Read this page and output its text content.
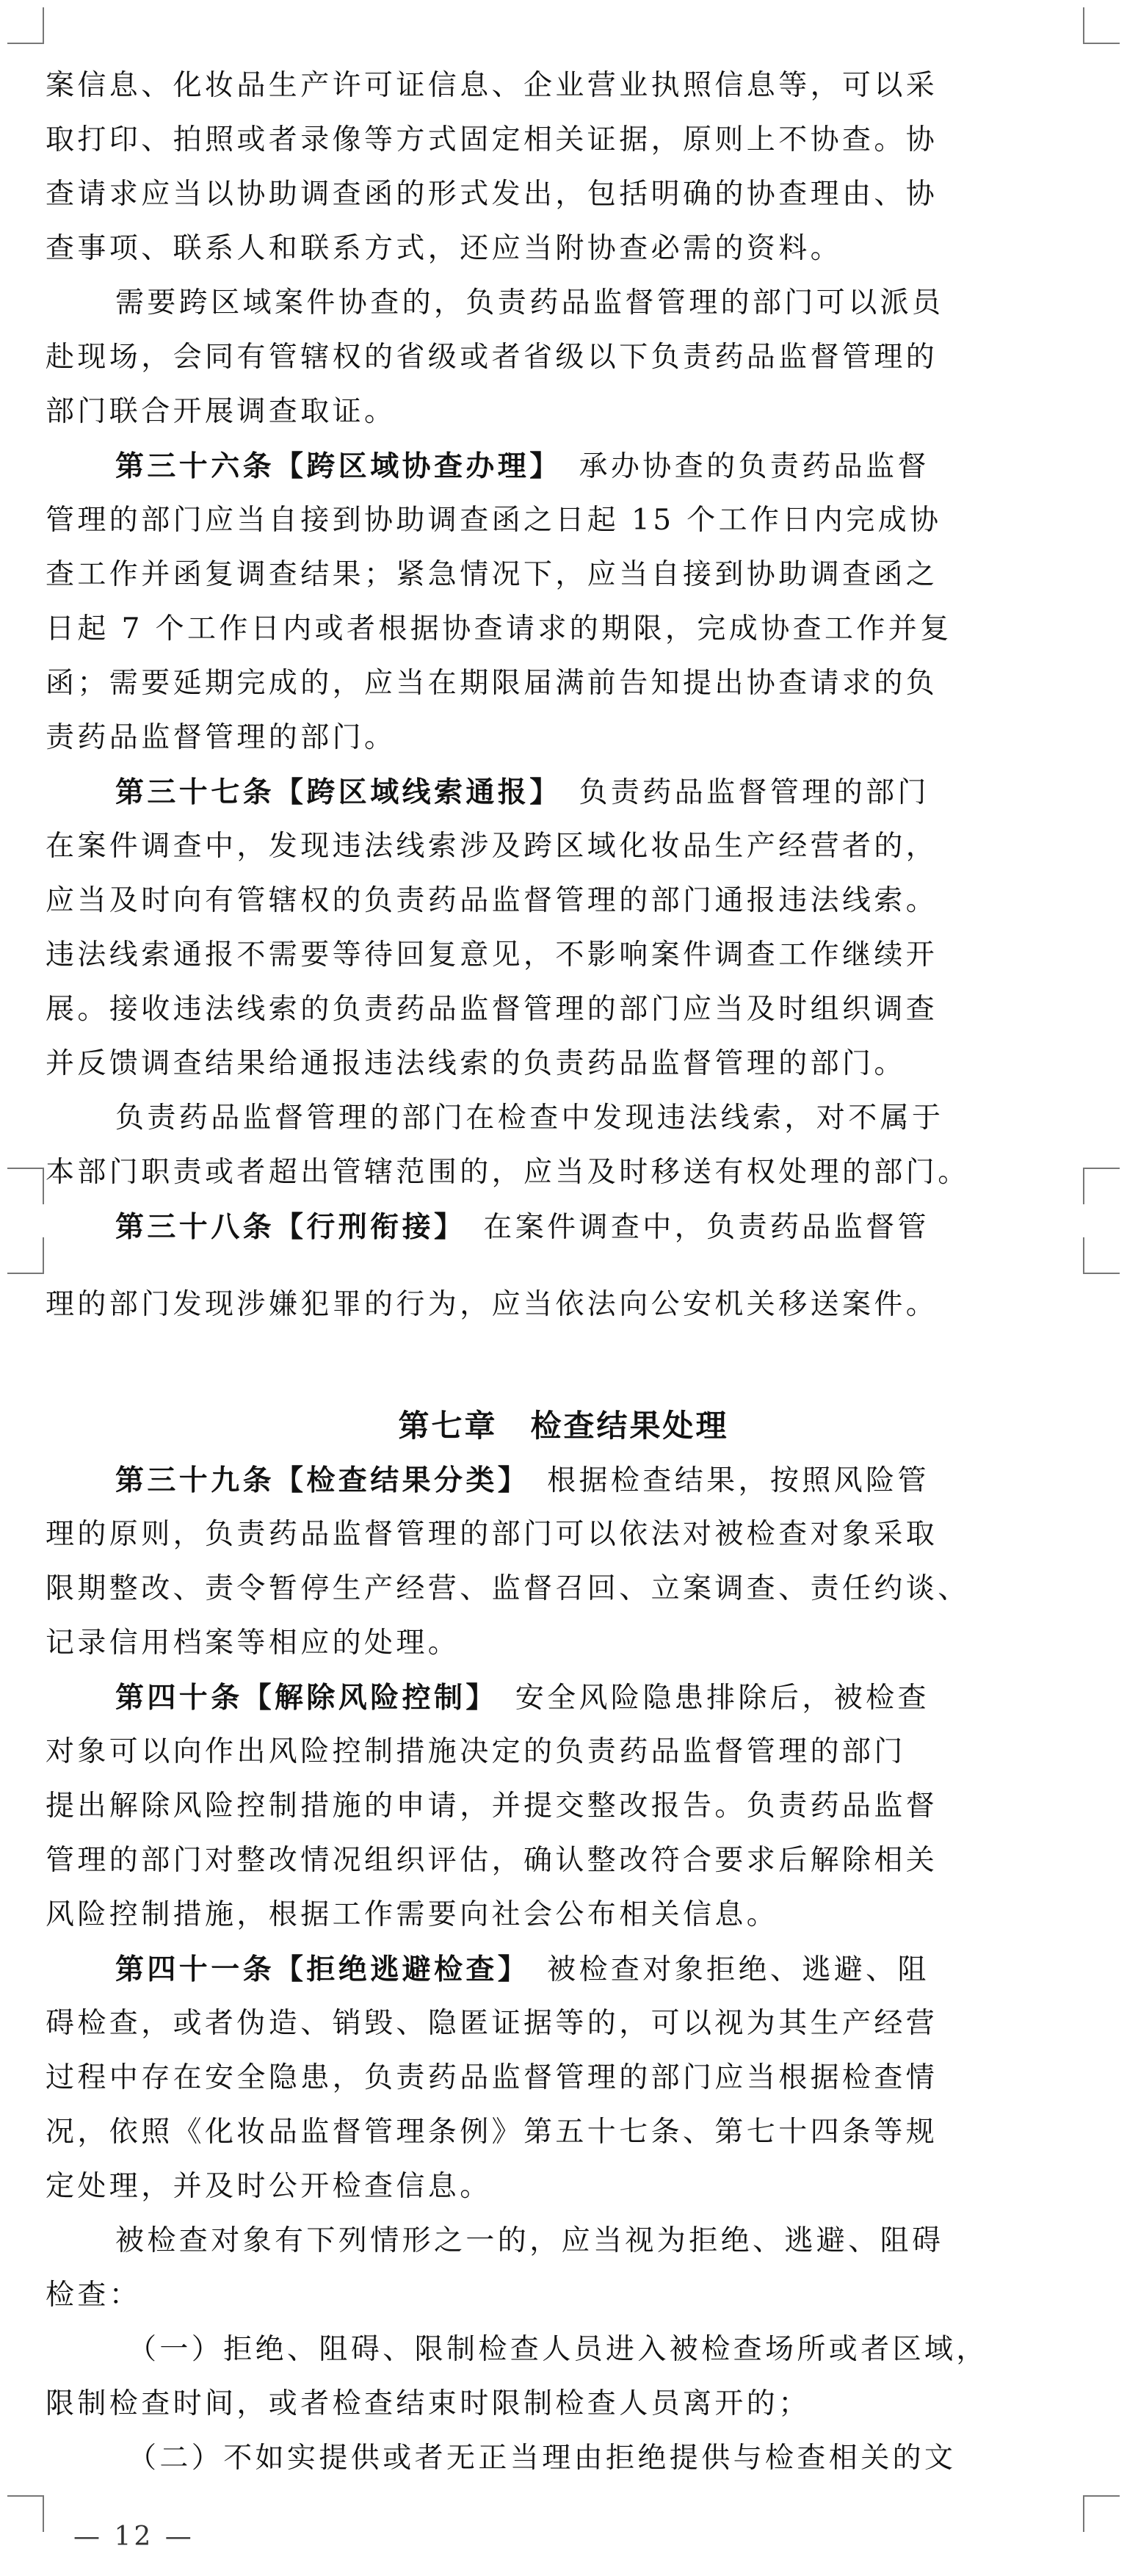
案信息、化妆品生产许可证信息、企业营业执照信息等，可以采
取打印、拍照或者录像等方式固定相关证据，原则上不协查。协
查请求应当以协助调查函的形式发出，包括明确的协查理由、协
查事项、联系人和联系方式，还应当附协查必需的资料。
需要跨区域案件协查的，负责药品监督管理的部门可以派员
赴现场，会同有管辖权的省级或者省级以下负责药品监督管理的
部门联合开展调查取证。
第三十六条【跨区域协查办理】　承办协查的负责药品监督
管理的部门应当自接到协助调查函之日起 15 个工作日内完成协
查工作并函复调查结果；紧急情况下，应当自接到协助调查函之
日起 7 个工作日内或者根据协查请求的期限，完成协查工作并复
函；需要延期完成的，应当在期限届满前告知提出协查请求的负
责药品监督管理的部门。
第三十七条【跨区域线索通报】　负责药品监督管理的部门
在案件调查中，发现违法线索涉及跨区域化妆品生产经营者的，
应当及时向有管辖权的负责药品监督管理的部门通报违法线索。
违法线索通报不需要等待回复意见，不影响案件调查工作继续开
展。接收违法线索的负责药品监督管理的部门应当及时组织调查
并反馈调查结果给通报违法线索的负责药品监督管理的部门。
负责药品监督管理的部门在检查中发现违法线索，对不属于
本部门职责或者超出管辖范围的，应当及时移送有权处理的部门。
第三十八条【行刑衔接】　在案件调查中，负责药品监督管
理的部门发现涉嫌犯罪的行为，应当依法向公安机关移送案件。
第七章　检查结果处理
第三十九条【检查结果分类】　根据检查结果，按照风险管
理的原则，负责药品监督管理的部门可以依法对被检查对象采取
限期整改、责令暂停生产经营、监督召回、立案调查、责任约谈、
记录信用档案等相应的处理。
第四十条【解除风险控制】　安全风险隐患排除后，被检查
对象可以向作出风险控制措施决定的负责药品监督管理的部门
提出解除风险控制措施的申请，并提交整改报告。负责药品监督
管理的部门对整改情况组织评估，确认整改符合要求后解除相关
风险控制措施，根据工作需要向社会公布相关信息。
第四十一条【拒绝逃避检查】　被检查对象拒绝、逃避、阻
碍检查，或者伪造、销毁、隐匿证据等的，可以视为其生产经营
过程中存在安全隐患，负责药品监督管理的部门应当根据检查情
况，依照《化妆品监督管理条例》第五十七条、第七十四条等规
定处理，并及时公开检查信息。
被检查对象有下列情形之一的，应当视为拒绝、逃避、阻碍
检查：
（一）拒绝、阻碍、限制检查人员进入被检查场所或者区域，
限制检查时间，或者检查结束时限制检查人员离开的；
（二）不如实提供或者无正当理由拒绝提供与检查相关的文
— 12 —
